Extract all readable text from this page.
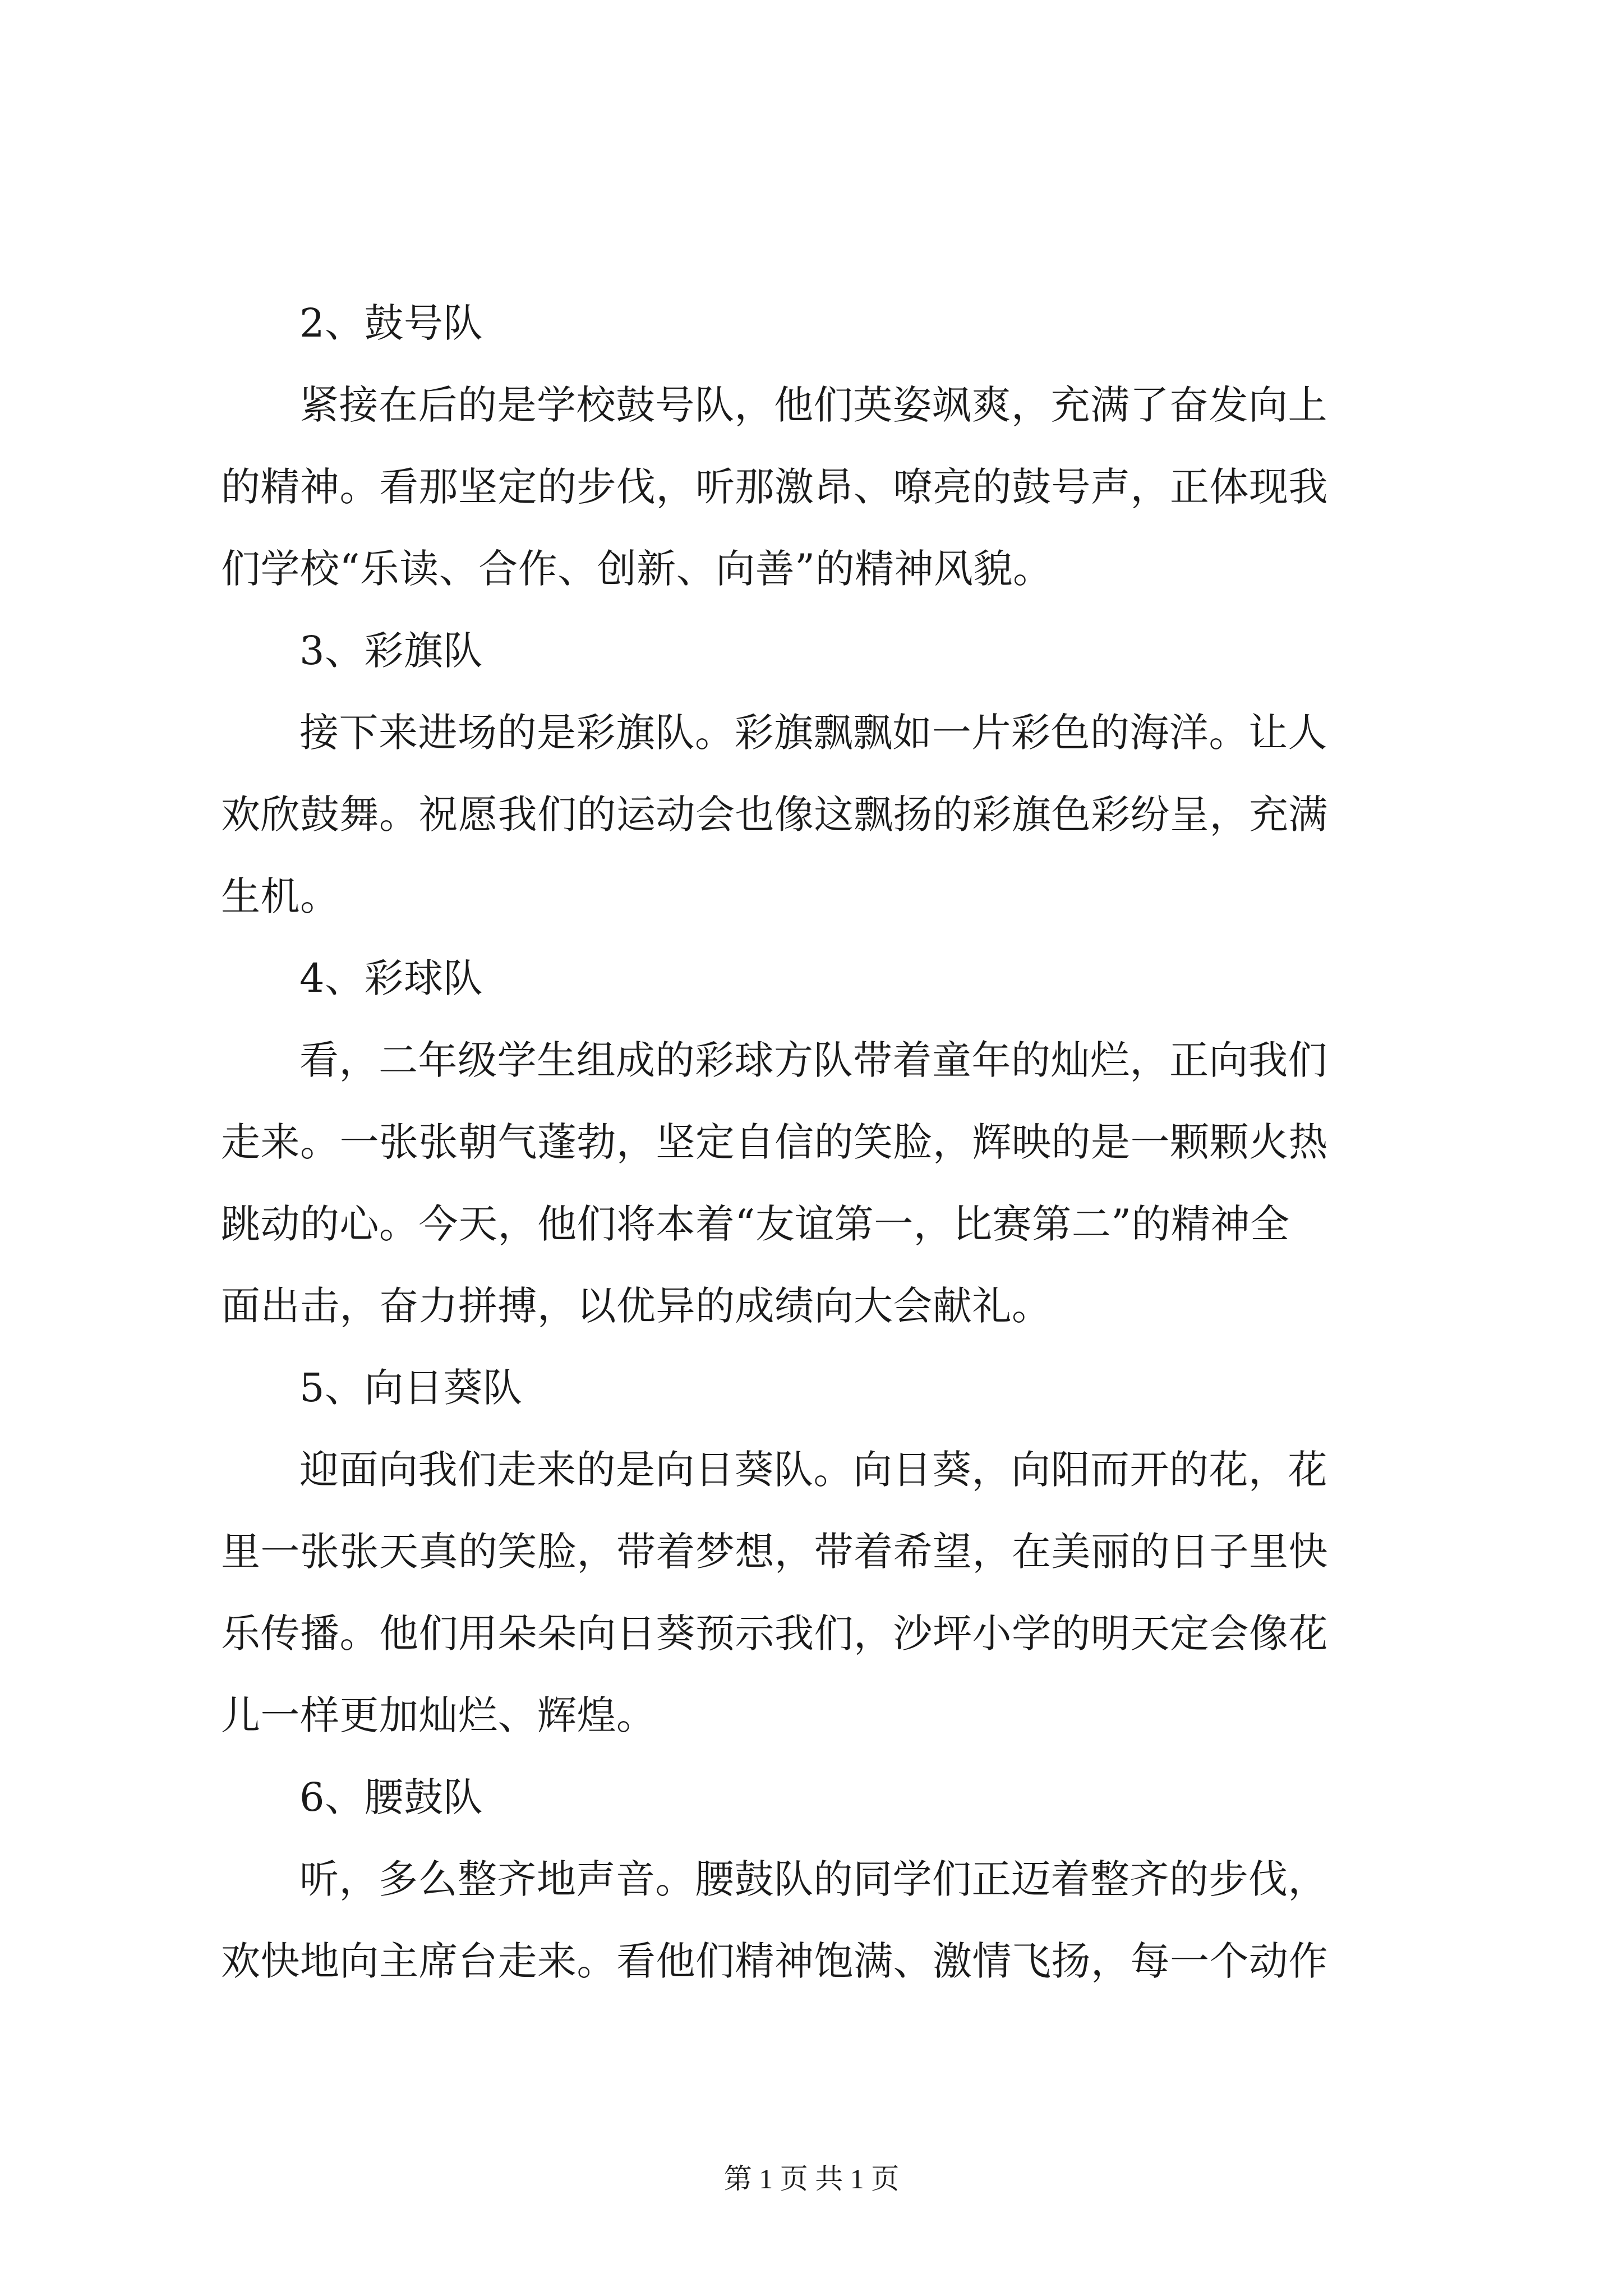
2、鼓号队
紧接在后的是学校鼓号队，他们英姿飒爽，充满了奋发向上
的精神。看那坚定的步伐，听那激昂、嘹亮的鼓号声，正体现我
们学校“乐读、合作、创新、向善”的精神风貌。
3、彩旗队
接下来进场的是彩旗队。彩旗飘飘如一片彩色的海洋。让人
欢欣鼓舞。祝愿我们的运动会也像这飘扬的彩旗色彩纷呈，充满
生机。
4、彩球队
看，二年级学生组成的彩球方队带着童年的灿烂，正向我们
走来。一张张朝气蓬勃，坚定自信的笑脸，辉映的是一颗颗火热
跳动的心。今天，他们将本着“友谊第一，比赛第二”的精神全
面出击，奋力拼搏，以优异的成绩向大会献礼。
5、向日葵队
迎面向我们走来的是向日葵队。向日葵，向阳而开的花，花
里一张张天真的笑脸，带着梦想，带着希望，在美丽的日子里快
乐传播。他们用朵朵向日葵预示我们，沙坪小学的明天定会像花
儿一样更加灿烂、辉煌。
6、腰鼓队
听，多么整齐地声音。腰鼓队的同学们正迈着整齐的步伐，
欢快地向主席台走来。看他们精神饱满、激情飞扬，每一个动作
第 1 页 共 1 页
